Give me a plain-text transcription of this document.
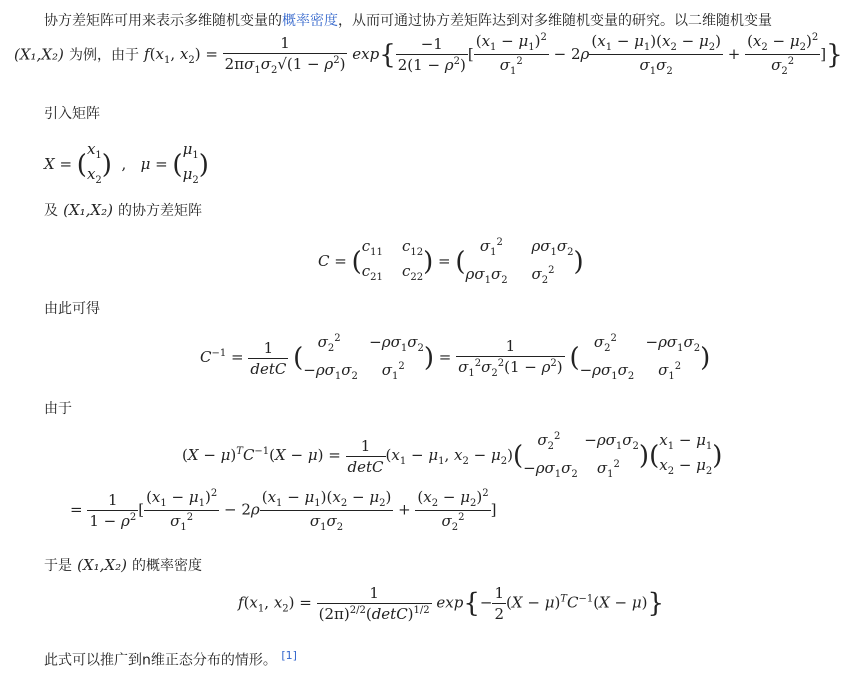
协方差矩阵可用来表示多维随机变量的概率密度，从而可通过协方差矩阵达到对多维随机变量的研究。以二维随机变量
(X₁,X₂) 为例，由于 $f(x_1$, $x_2) = \frac{1}{2\pi\sigma_1\sigma_2√(1 - \rho^2)} \exp\{ \frac{-1}{2(1 - \rho^2)}$ [ $\frac{(x_1 - \mu_1)^2}{\sigma_1^2} - 2\rho \frac{(x_1 - \mu_1)(x_2 - \mu_2)}{\sigma_1\sigma_2} + \frac{(x_2 - \mu_2)^2}{\sigma_2^2}$ ]}
引入矩阵
X = (
$x_1$
$x_2$
)  ,   μ = (
$\mu_1$
$\mu_2$
)
及 (X₁,X₂) 的协方差矩阵
C = (
$c_{11}$ $c_{12}$
$c_{21}$ $c_{22}$
) = (
$\sigma_1^2$ $\rho\sigma_1\sigma_2$
$\rho\sigma_1\sigma_2$ $\sigma_2^2$ )
由此可得
$C^{-1} = \frac{1}{\det C}$ (
$\sigma_2^2$      $-\rho\sigma_1\sigma_2$
$-\rho\sigma_1\sigma_2$ $\sigma_1^2$ ) = $\frac{1}{\sigma_1^2\sigma_2^2(1 - \rho^2)}$ (
$\sigma_2^2$      $-\rho\sigma_1\sigma_2$
$-\rho\sigma_1\sigma_2$ $\sigma_1^2$ )
由于
$(X - \mu)^TC^{-1}(X - \mu) = \frac{1}{\det C} (x_1 - \mu_1$, $x_2 - \mu_2$)(
$\sigma_2^2$     $-\rho\sigma_1\sigma_2$
$-\rho\sigma_1\sigma_2$ $\sigma_1^2$ )(
$x_1 - \mu_1$
$x_2 - \mu_2$
)
= $\frac{1}{1 - \rho^2}$ [ $\frac{(x_1 - \mu_1)^2}{\sigma_1^2} - 2\rho \frac{(x_1 - \mu_1)(x_2 - \mu_2)}{\sigma_1\sigma_2} + \frac{(x_2 - \mu_2)^2}{\sigma_2^2}$ ]
于是 (X₁,X₂) 的概率密度
$f(x_1$, $x_2) = \frac{1}{(2\pi)^{2/2}(\det C)^{1/2}} \exp\{- \frac{1}{2} (X - \mu)^TC^{-1}(X - \mu)\}$
此式可以推广到n维正态分布的情形。 [1]
